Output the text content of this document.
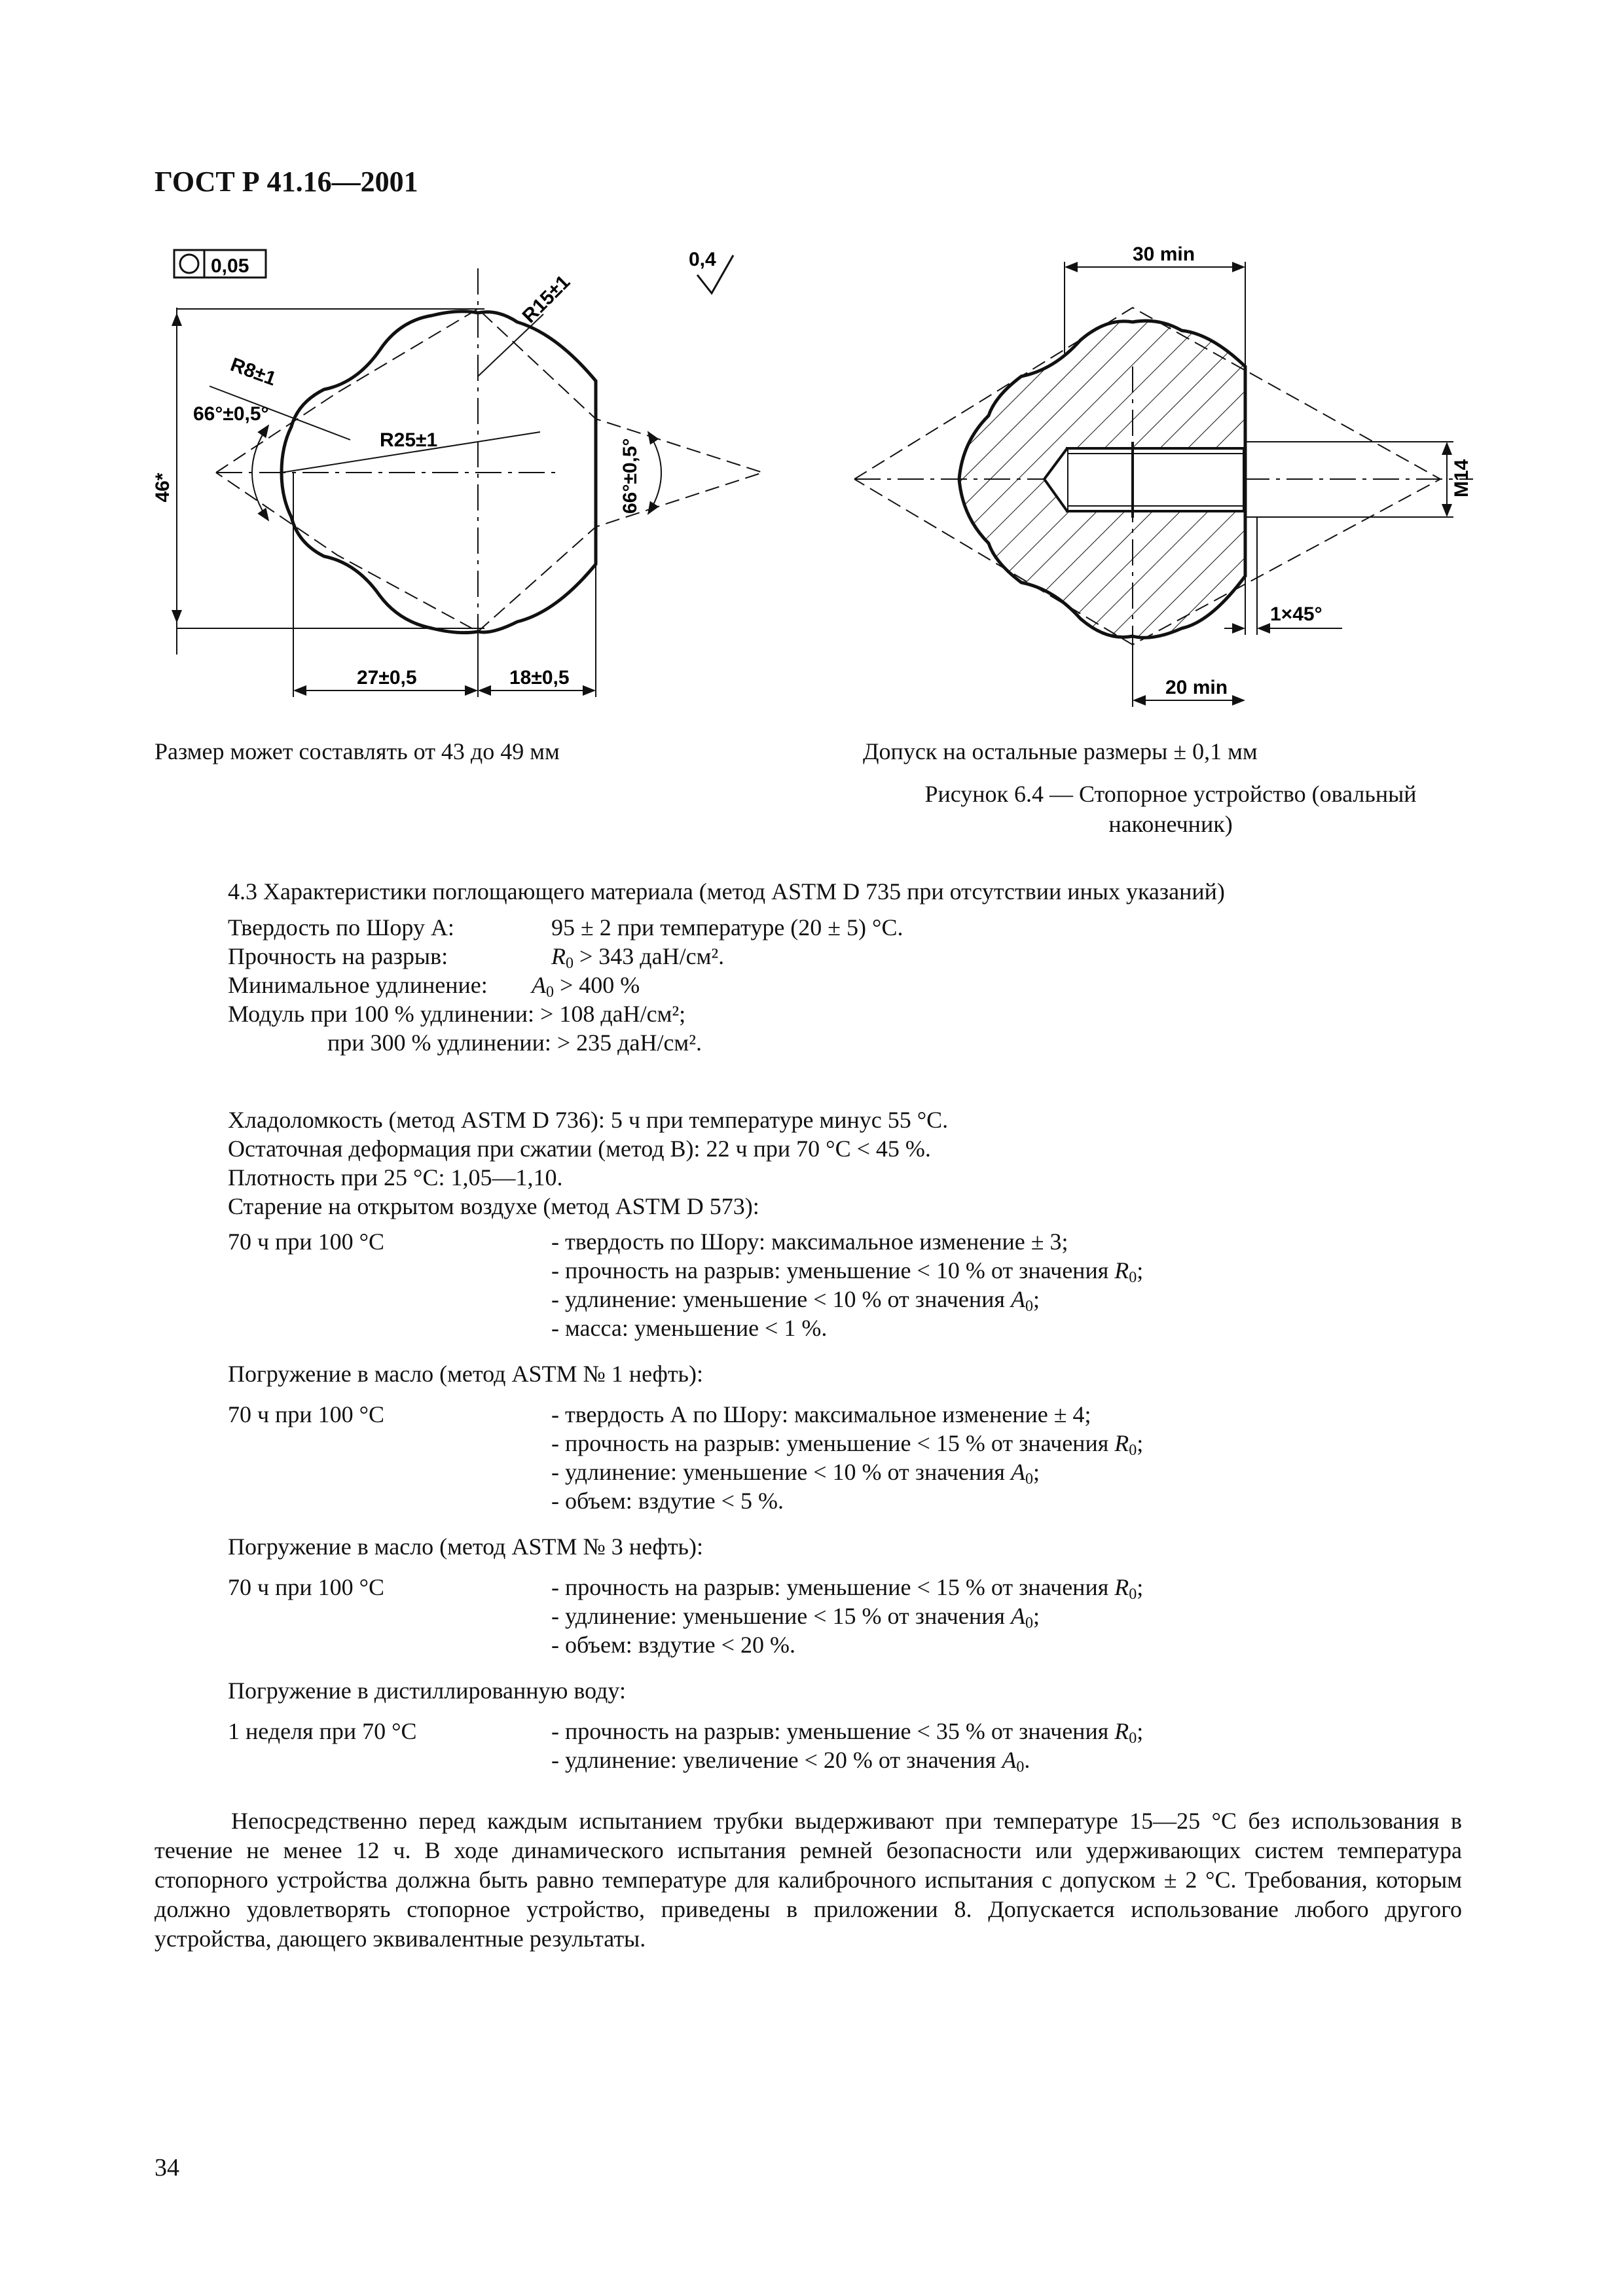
ГОСТ Р 41.16—2001
0,05	0,4
46*
R15±1
R8±1
R25±1
66°±0,5°
66°±0,5°
27±0,5	18±0,5
30 min
M14
1×45°
20 min
Размер может составлять от 43 до 49 мм	Допуск на остальные размеры ± 0,1 мм
Рисунок 6.4 — Стопорное устройство (овальный
наконечник)
4.3 Характеристики поглощающего материала (метод ASTM D 735 при отсутствии иных указаний)
Твердость по Шору А:	95 ± 2 при температуре (20 ± 5) °С.
Прочность на разрыв:	$R_0 > 343$ даН/см².
Минимальное удлинение: $A_0 > 400$ %
Модуль при 100 % удлинении: > 108 даН/см²;
при 300 % удлинении: > 235 даН/см².
Хладоломкость (метод ASTM D 736): 5 ч при температуре минус 55 °С.
Остаточная деформация при сжатии (метод В): 22 ч при 70 °С < 45 %.
Плотность при 25 °С: 1,05—1,10.
Старение на открытом воздухе (метод ASTM D 573):
70 ч при 100 °С	- твердость по Шору: максимальное изменение ± 3;
- прочность на разрыв: уменьшение < 10 % от значения $R_0$;
- удлинение: уменьшение < 10 % от значения $A_0$;
- масса: уменьшение < 1 %.
Погружение в масло (метод ASTM № 1 нефть):
70 ч при 100 °С	- твердость А по Шору: максимальное изменение ± 4;
- прочность на разрыв: уменьшение < 15 % от значения $R_0$;
- удлинение: уменьшение < 10 % от значения $A_0$;
- объем: вздутие < 5 %.
Погружение в масло (метод ASTM № 3 нефть):
70 ч при 100 °С	- прочность на разрыв: уменьшение < 15 % от значения $R_0$;
- удлинение: уменьшение < 15 % от значения $A_0$;
- объем: вздутие < 20 %.
Погружение в дистиллированную воду:
1 неделя при 70 °С	- прочность на разрыв: уменьшение < 35 % от значения $R_0$;
- удлинение: увеличение < 20 % от значения $A_0$.
Непосредственно перед каждым испытанием трубки выдерживают при температуре 15—25 °С без использования в течение не менее 12 ч. В ходе динамического испытания ремней безопасности или удерживающих систем температура стопорного устройства должна быть равно температуре для калиброчного испытания с допуском ± 2 °С. Требования, которым должно удовлетворять стопорное устройство, приведены в приложении 8. Допускается использование любого другого устройства, дающего эквивалентные результаты.
34
